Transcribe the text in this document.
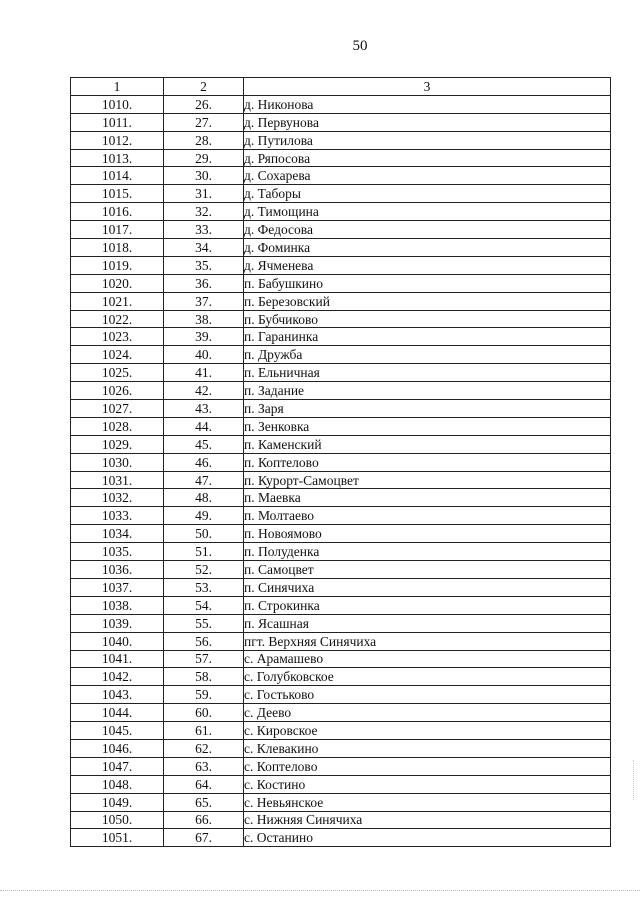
50
1	2	3
1010.	26.	д. Никонова
1011.	27.	д. Первунова
1012.	28.	д. Путилова
1013.	29.	д. Ряпосова
1014.	30.	д. Сохарева
1015.	31.	д. Таборы
1016.	32.	д. Тимощина
1017.	33.	д. Федосова
1018.	34.	д. Фоминка
1019.	35.	д. Ячменева
1020.	36.	п. Бабушкино
1021.	37.	п. Березовский
1022.	38.	п. Бубчиково
1023.	39.	п. Гаранинка
1024.	40.	п. Дружба
1025.	41.	п. Ельничная
1026.	42.	п. Задание
1027.	43.	п. Заря
1028.	44.	п. Зенковка
1029.	45.	п. Каменский
1030.	46.	п. Коптелово
1031.	47.	п. Курорт-Самоцвет
1032.	48.	п. Маевка
1033.	49.	п. Молтаево
1034.	50.	п. Новоямово
1035.	51.	п. Полуденка
1036.	52.	п. Самоцвет
1037.	53.	п. Синячиха
1038.	54.	п. Строкинка
1039.	55.	п. Ясашная
1040.	56.	пгт. Верхняя Синячиха
1041.	57.	с. Арамашево
1042.	58.	с. Голубковское
1043.	59.	с. Гостьково
1044.	60.	с. Деево
1045.	61.	с. Кировское
1046.	62.	с. Клевакино
1047.	63.	с. Коптелово
1048.	64.	с. Костино
1049.	65.	с. Невьянское
1050.	66.	с. Нижняя Синячиха
1051.	67.	с. Останино
